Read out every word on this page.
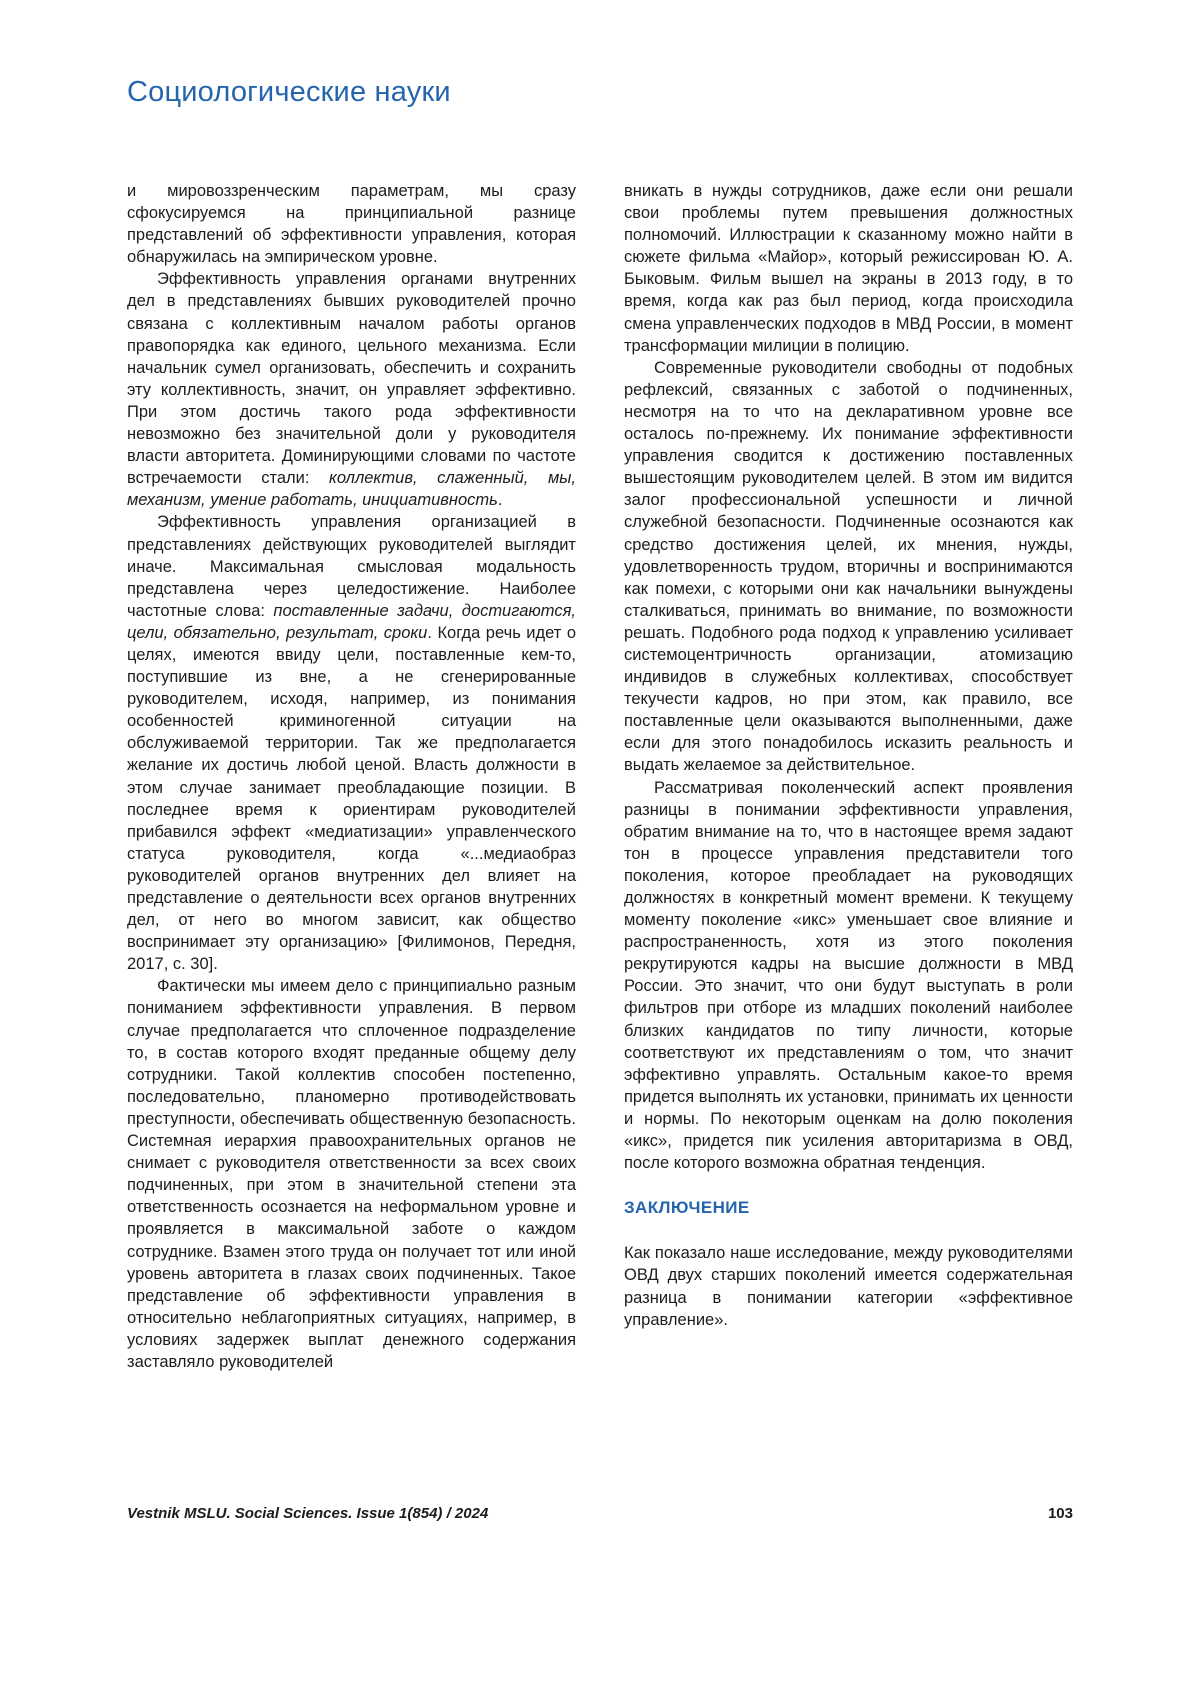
Социологические науки

и мировоззренческим параметрам, мы сразу сфокусируемся на принципиальной разнице представлений об эффективности управления, которая обнаружилась на эмпирическом уровне.

Эффективность управления органами внутренних дел в представлениях бывших руководителей прочно связана с коллективным началом работы органов правопорядка как единого, цельного механизма. Если начальник сумел организовать, обеспечить и сохранить эту коллективность, значит, он управляет эффективно. При этом достичь такого рода эффективности невозможно без значительной доли у руководителя власти авторитета. Доминирующими словами по частоте встречаемости стали: коллектив, слаженный, мы, механизм, умение работать, инициативность.

Эффективность управления организацией в представлениях действующих руководителей выглядит иначе. Максимальная смысловая модальность представлена через целедостижение. Наиболее частотные слова: поставленные задачи, достигаются, цели, обязательно, результат, сроки. Когда речь идет о целях, имеются ввиду цели, поставленные кем-то, поступившие из вне, а не сгенерированные руководителем, исходя, например, из понимания особенностей криминогенной ситуации на обслуживаемой территории. Так же предполагается желание их достичь любой ценой. Власть должности в этом случае занимает преобладающие позиции. В последнее время к ориентирам руководителей прибавился эффект «медиатизации» управленческого статуса руководителя, когда «...медиаобраз руководителей органов внутренних дел влияет на представление о деятельности всех органов внутренних дел, от него во многом зависит, как общество воспринимает эту организацию» [Филимонов, Передня, 2017, с. 30].

Фактически мы имеем дело с принципиально разным пониманием эффективности управления. В первом случае предполагается что сплоченное подразделение то, в состав которого входят преданные общему делу сотрудники. Такой коллектив способен постепенно, последовательно, планомерно противодействовать преступности, обеспечивать общественную безопасность. Системная иерархия правоохранительных органов не снимает с руководителя ответственности за всех своих подчиненных, при этом в значительной степени эта ответственность осознается на неформальном уровне и проявляется в максимальной заботе о каждом сотруднике. Взамен этого труда он получает тот или иной уровень авторитета в глазах своих подчиненных. Такое представление об эффективности управления в относительно неблагоприятных ситуациях, например, в условиях задержек выплат денежного содержания заставляло руководителей

вникать в нужды сотрудников, даже если они решали свои проблемы путем превышения должностных полномочий. Иллюстрации к сказанному можно найти в сюжете фильма «Майор», который режиссирован Ю. А. Быковым. Фильм вышел на экраны в 2013 году, в то время, когда как раз был период, когда происходила смена управленческих подходов в МВД России, в момент трансформации милиции в полицию.

Современные руководители свободны от подобных рефлексий, связанных с заботой о подчиненных, несмотря на то что на декларативном уровне все осталось по-прежнему. Их понимание эффективности управления сводится к достижению поставленных вышестоящим руководителем целей. В этом им видится залог профессиональной успешности и личной служебной безопасности. Подчиненные осознаются как средство достижения целей, их мнения, нужды, удовлетворенность трудом, вторичны и воспринимаются как помехи, с которыми они как начальники вынуждены сталкиваться, принимать во внимание, по возможности решать. Подобного рода подход к управлению усиливает системоцентричность организации, атомизацию индивидов в служебных коллективах, способствует текучести кадров, но при этом, как правило, все поставленные цели оказываются выполненными, даже если для этого понадобилось исказить реальность и выдать желаемое за действительное.

Рассматривая поколенческий аспект проявления разницы в понимании эффективности управления, обратим внимание на то, что в настоящее время задают тон в процессе управления представители того поколения, которое преобладает на руководящих должностях в конкретный момент времени. К текущему моменту поколение «икс» уменьшает свое влияние и распространенность, хотя из этого поколения рекрутируются кадры на высшие должности в МВД России. Это значит, что они будут выступать в роли фильтров при отборе из младших поколений наиболее близких кандидатов по типу личности, которые соответствуют их представлениям о том, что значит эффективно управлять. Остальным какое-то время придется выполнять их установки, принимать их ценности и нормы. По некоторым оценкам на долю поколения «икс», придется пик усиления авторитаризма в ОВД, после которого возможна обратная тенденция.

ЗАКЛЮЧЕНИЕ

Как показало наше исследование, между руководителями ОВД двух старших поколений имеется содержательная разница в понимании категории «эффективное управление».

Vestnik MSLU. Social Sciences. Issue 1(854) / 2024	103
